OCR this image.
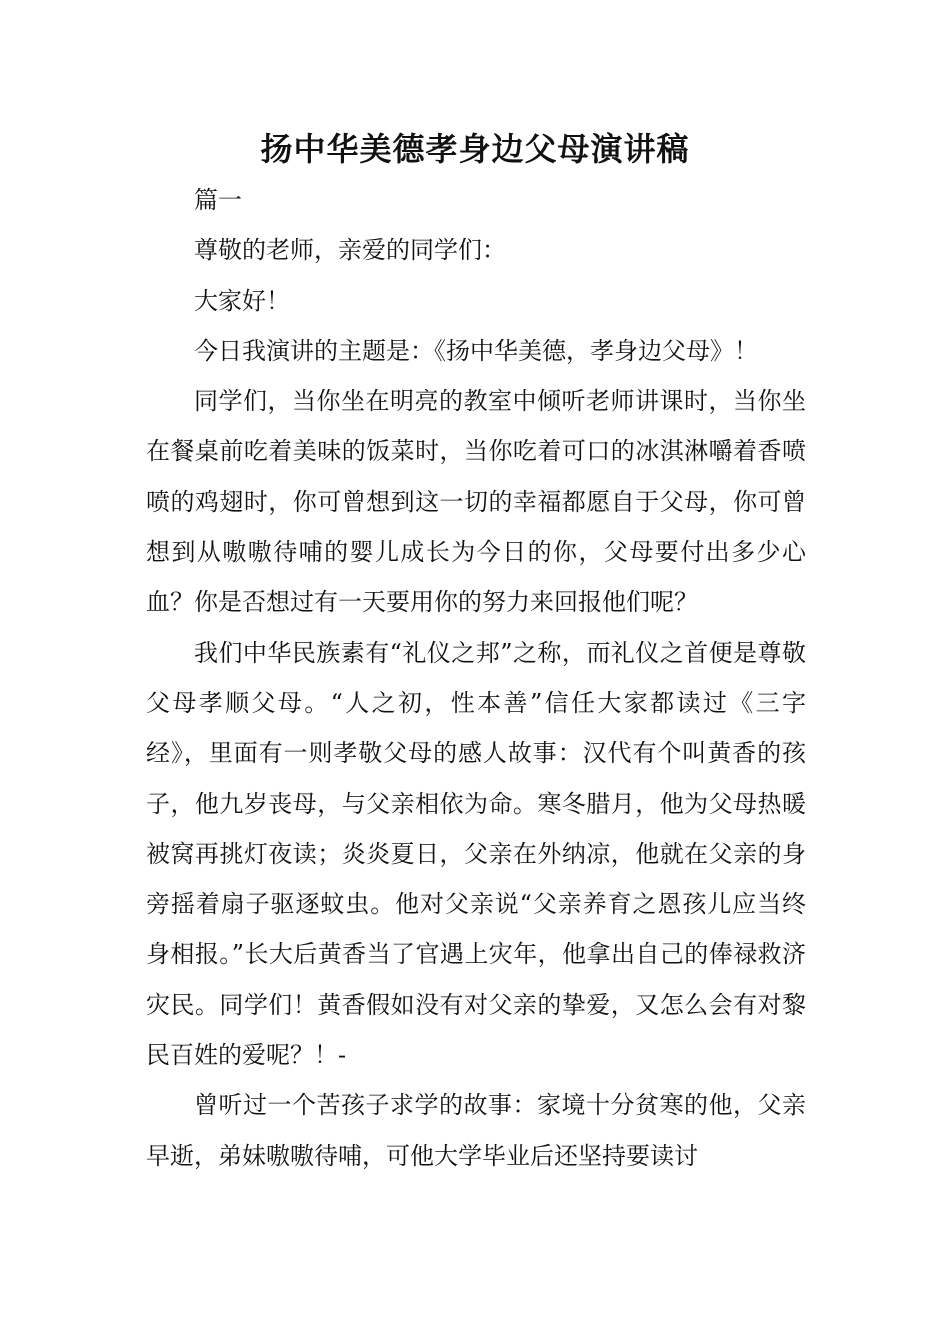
扬中华美德孝身边父母演讲稿

篇一

尊敬的老师，亲爱的同学们：

大家好！

今日我演讲的主题是：《扬中华美德，孝身边父母》！

同学们，当你坐在明亮的教室中倾听老师讲课时，当你坐在餐桌前吃着美味的饭菜时，当你吃着可口的冰淇淋嚼着香喷喷的鸡翅时，你可曾想到这一切的幸福都愿自于父母，你可曾想到从嗷嗷待哺的婴儿成长为今日的你，父母要付出多少心血？你是否想过有一天要用你的努力来回报他们呢？

我们中华民族素有“礼仪之邦”之称，而礼仪之首便是尊敬父母孝顺父母。“人之初，性本善”信任大家都读过《三字经》，里面有一则孝敬父母的感人故事：汉代有个叫黄香的孩子，他九岁丧母，与父亲相依为命。寒冬腊月，他为父母热暖被窝再挑灯夜读；炎炎夏日，父亲在外纳凉，他就在父亲的身旁摇着扇子驱逐蚊虫。他对父亲说“父亲养育之恩孩儿应当终身相报。”长大后黄香当了官遇上灾年，他拿出自己的俸禄救济灾民。同学们！黄香假如没有对父亲的挚爱，又怎么会有对黎民百姓的爱呢？！-

曾听过一个苦孩子求学的故事：家境十分贫寒的他，父亲早逝，弟妹嗷嗷待哺，可他大学毕业后还坚持要读讨
